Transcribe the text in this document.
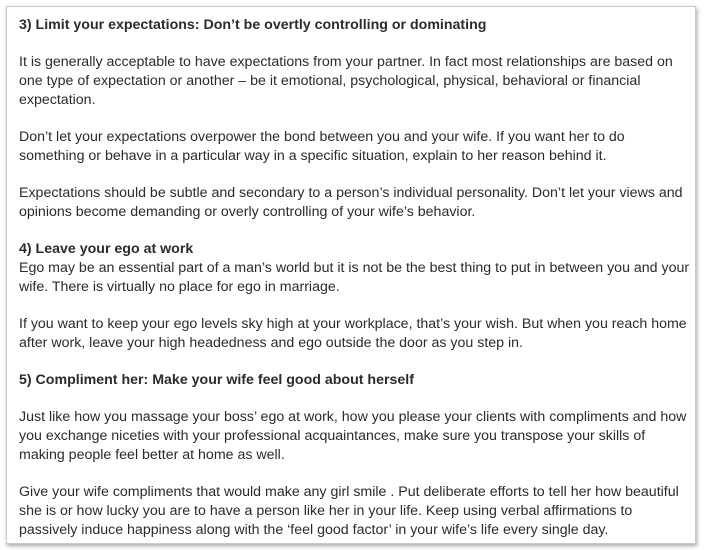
3) Limit your expectations: Don’t be overtly controlling or dominating

It is generally acceptable to have expectations from your partner. In fact most relationships are based on one type of expectation or another – be it emotional, psychological, physical, behavioral or financial expectation.

Don’t let your expectations overpower the bond between you and your wife. If you want her to do something or behave in a particular way in a specific situation, explain to her reason behind it.

Expectations should be subtle and secondary to a person’s individual personality. Don’t let your views and opinions become demanding or overly controlling of your wife’s behavior.

4) Leave your ego at work

Ego may be an essential part of a man’s world but it is not be the best thing to put in between you and your wife. There is virtually no place for ego in marriage.

If you want to keep your ego levels sky high at your workplace, that’s your wish. But when you reach home after work, leave your high headedness and ego outside the door as you step in.

5) Compliment her: Make your wife feel good about herself

Just like how you massage your boss’ ego at work, how you please your clients with compliments and how you exchange niceties with your professional acquaintances, make sure you transpose your skills of making people feel better at home as well.

Give your wife compliments that would make any girl smile . Put deliberate efforts to tell her how beautiful she is or how lucky you are to have a person like her in your life. Keep using verbal affirmations to passively induce happiness along with the ‘feel good factor’ in your wife’s life every single day.
